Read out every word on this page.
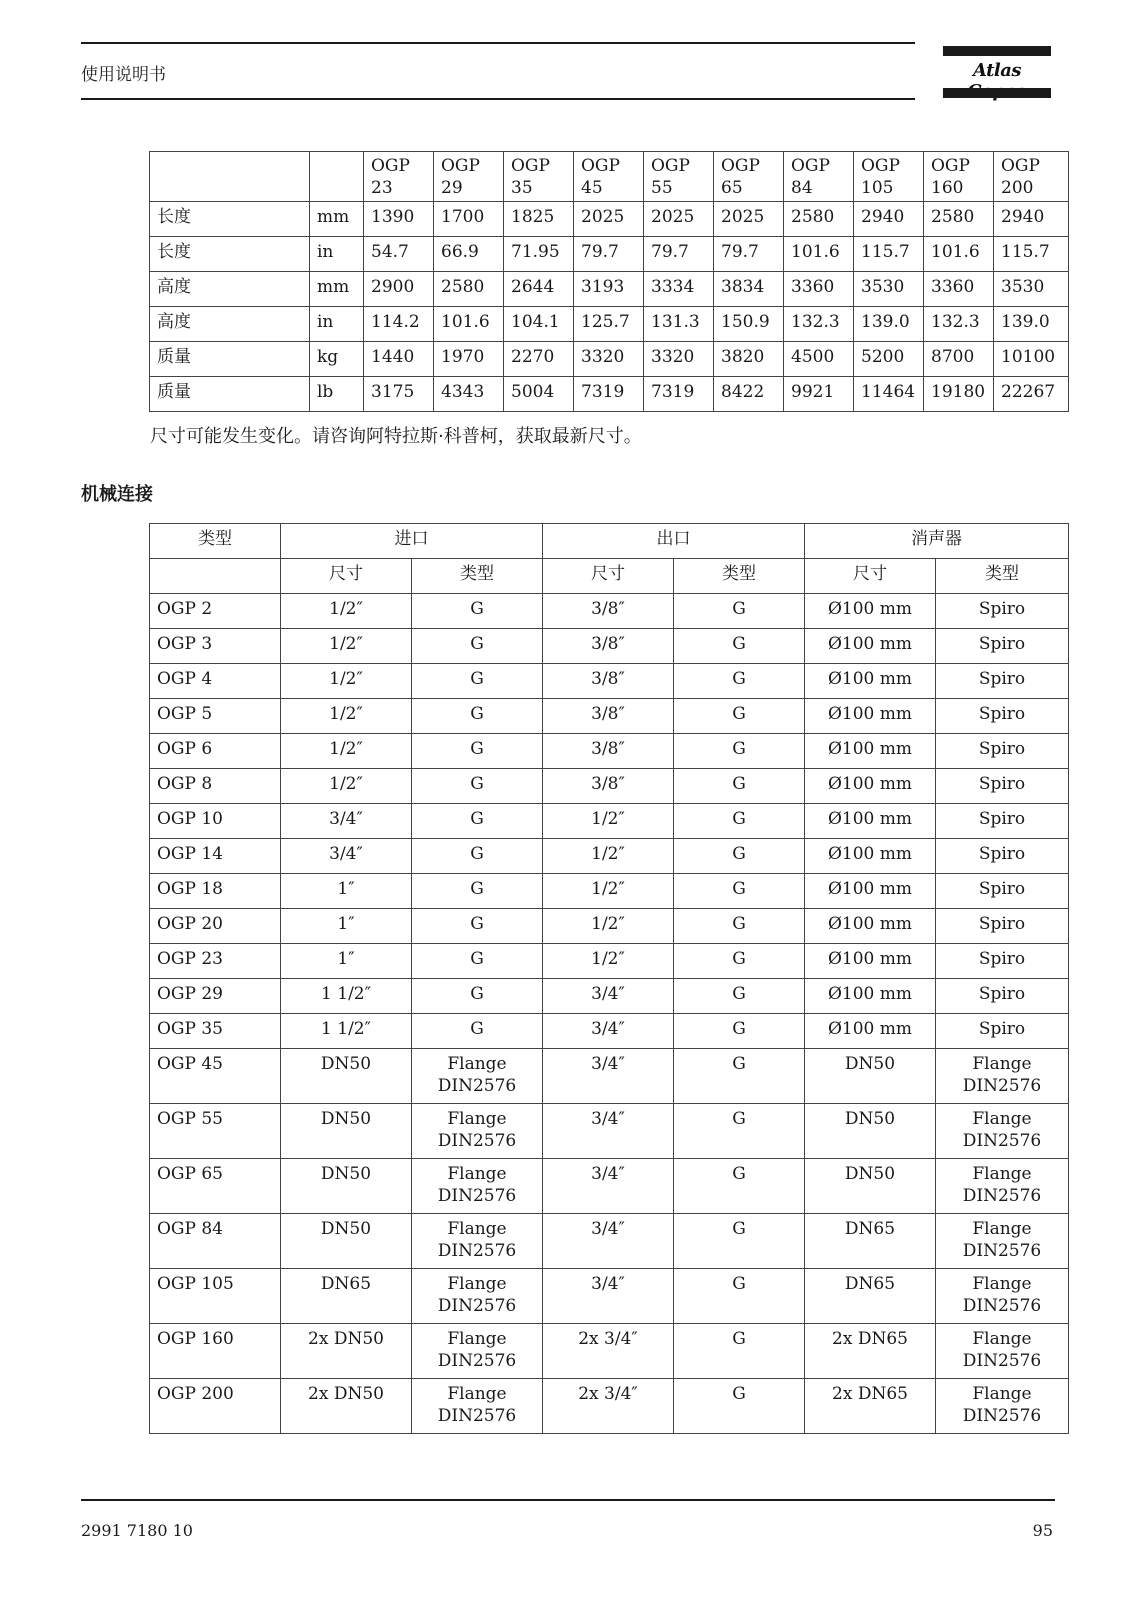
使用说明书	Atlas
		OGP 23	OGP 29	OGP 35	OGP 45	OGP 55	OGP 65	OGP 84	OGP 105	OGP 160	OGP 200
长度	mm	1390	1700	1825	2025	2025	2025	2580	2940	2580	2940
长度	in	54.7	66.9	71.95	79.7	79.7	79.7	101.6	115.7	101.6	115.7
高度	mm	2900	2580	2644	3193	3334	3834	3360	3530	3360	3530
高度	in	114.2	101.6	104.1	125.7	131.3	150.9	132.3	139.0	132.3	139.0
质量	kg	1440	1970	2270	3320	3320	3820	4500	5200	8700	10100
质量	lb	3175	4343	5004	7319	7319	8422	9921	11464	19180	22267
尺寸可能发生变化。请咨询阿特拉斯·科普柯，获取最新尺寸。
机械连接
类型	进口		出口		消声器	
	尺寸	类型	尺寸	类型	尺寸	类型
OGP 2	1/2″	G	3/8″	G	Ø100 mm	Spiro
OGP 3	1/2″	G	3/8″	G	Ø100 mm	Spiro
OGP 4	1/2″	G	3/8″	G	Ø100 mm	Spiro
OGP 5	1/2″	G	3/8″	G	Ø100 mm	Spiro
OGP 6	1/2″	G	3/8″	G	Ø100 mm	Spiro
OGP 8	1/2″	G	3/8″	G	Ø100 mm	Spiro
OGP 10	3/4″	G	1/2″	G	Ø100 mm	Spiro
OGP 14	3/4″	G	1/2″	G	Ø100 mm	Spiro
OGP 18	1″	G	1/2″	G	Ø100 mm	Spiro
OGP 20	1″	G	1/2″	G	Ø100 mm	Spiro
OGP 23	1″	G	1/2″	G	Ø100 mm	Spiro
OGP 29	1 1/2″	G	3/4″	G	Ø100 mm	Spiro
OGP 35	1 1/2″	G	3/4″	G	Ø100 mm	Spiro
OGP 45	DN50	Flange DIN2576	3/4″	G	DN50	Flange DIN2576
OGP 55	DN50	Flange DIN2576	3/4″	G	DN50	Flange DIN2576
OGP 65	DN50	Flange DIN2576	3/4″	G	DN50	Flange DIN2576
OGP 84	DN50	Flange DIN2576	3/4″	G	DN65	Flange DIN2576
OGP 105	DN65	Flange DIN2576	3/4″	G	DN65	Flange DIN2576
OGP 160	2x DN50	Flange DIN2576	2x 3/4″	G	2x DN65	Flange DIN2576
OGP 200	2x DN50	Flange DIN2576	2x 3/4″	G	2x DN65	Flange DIN2576
2991 7180 10	95
